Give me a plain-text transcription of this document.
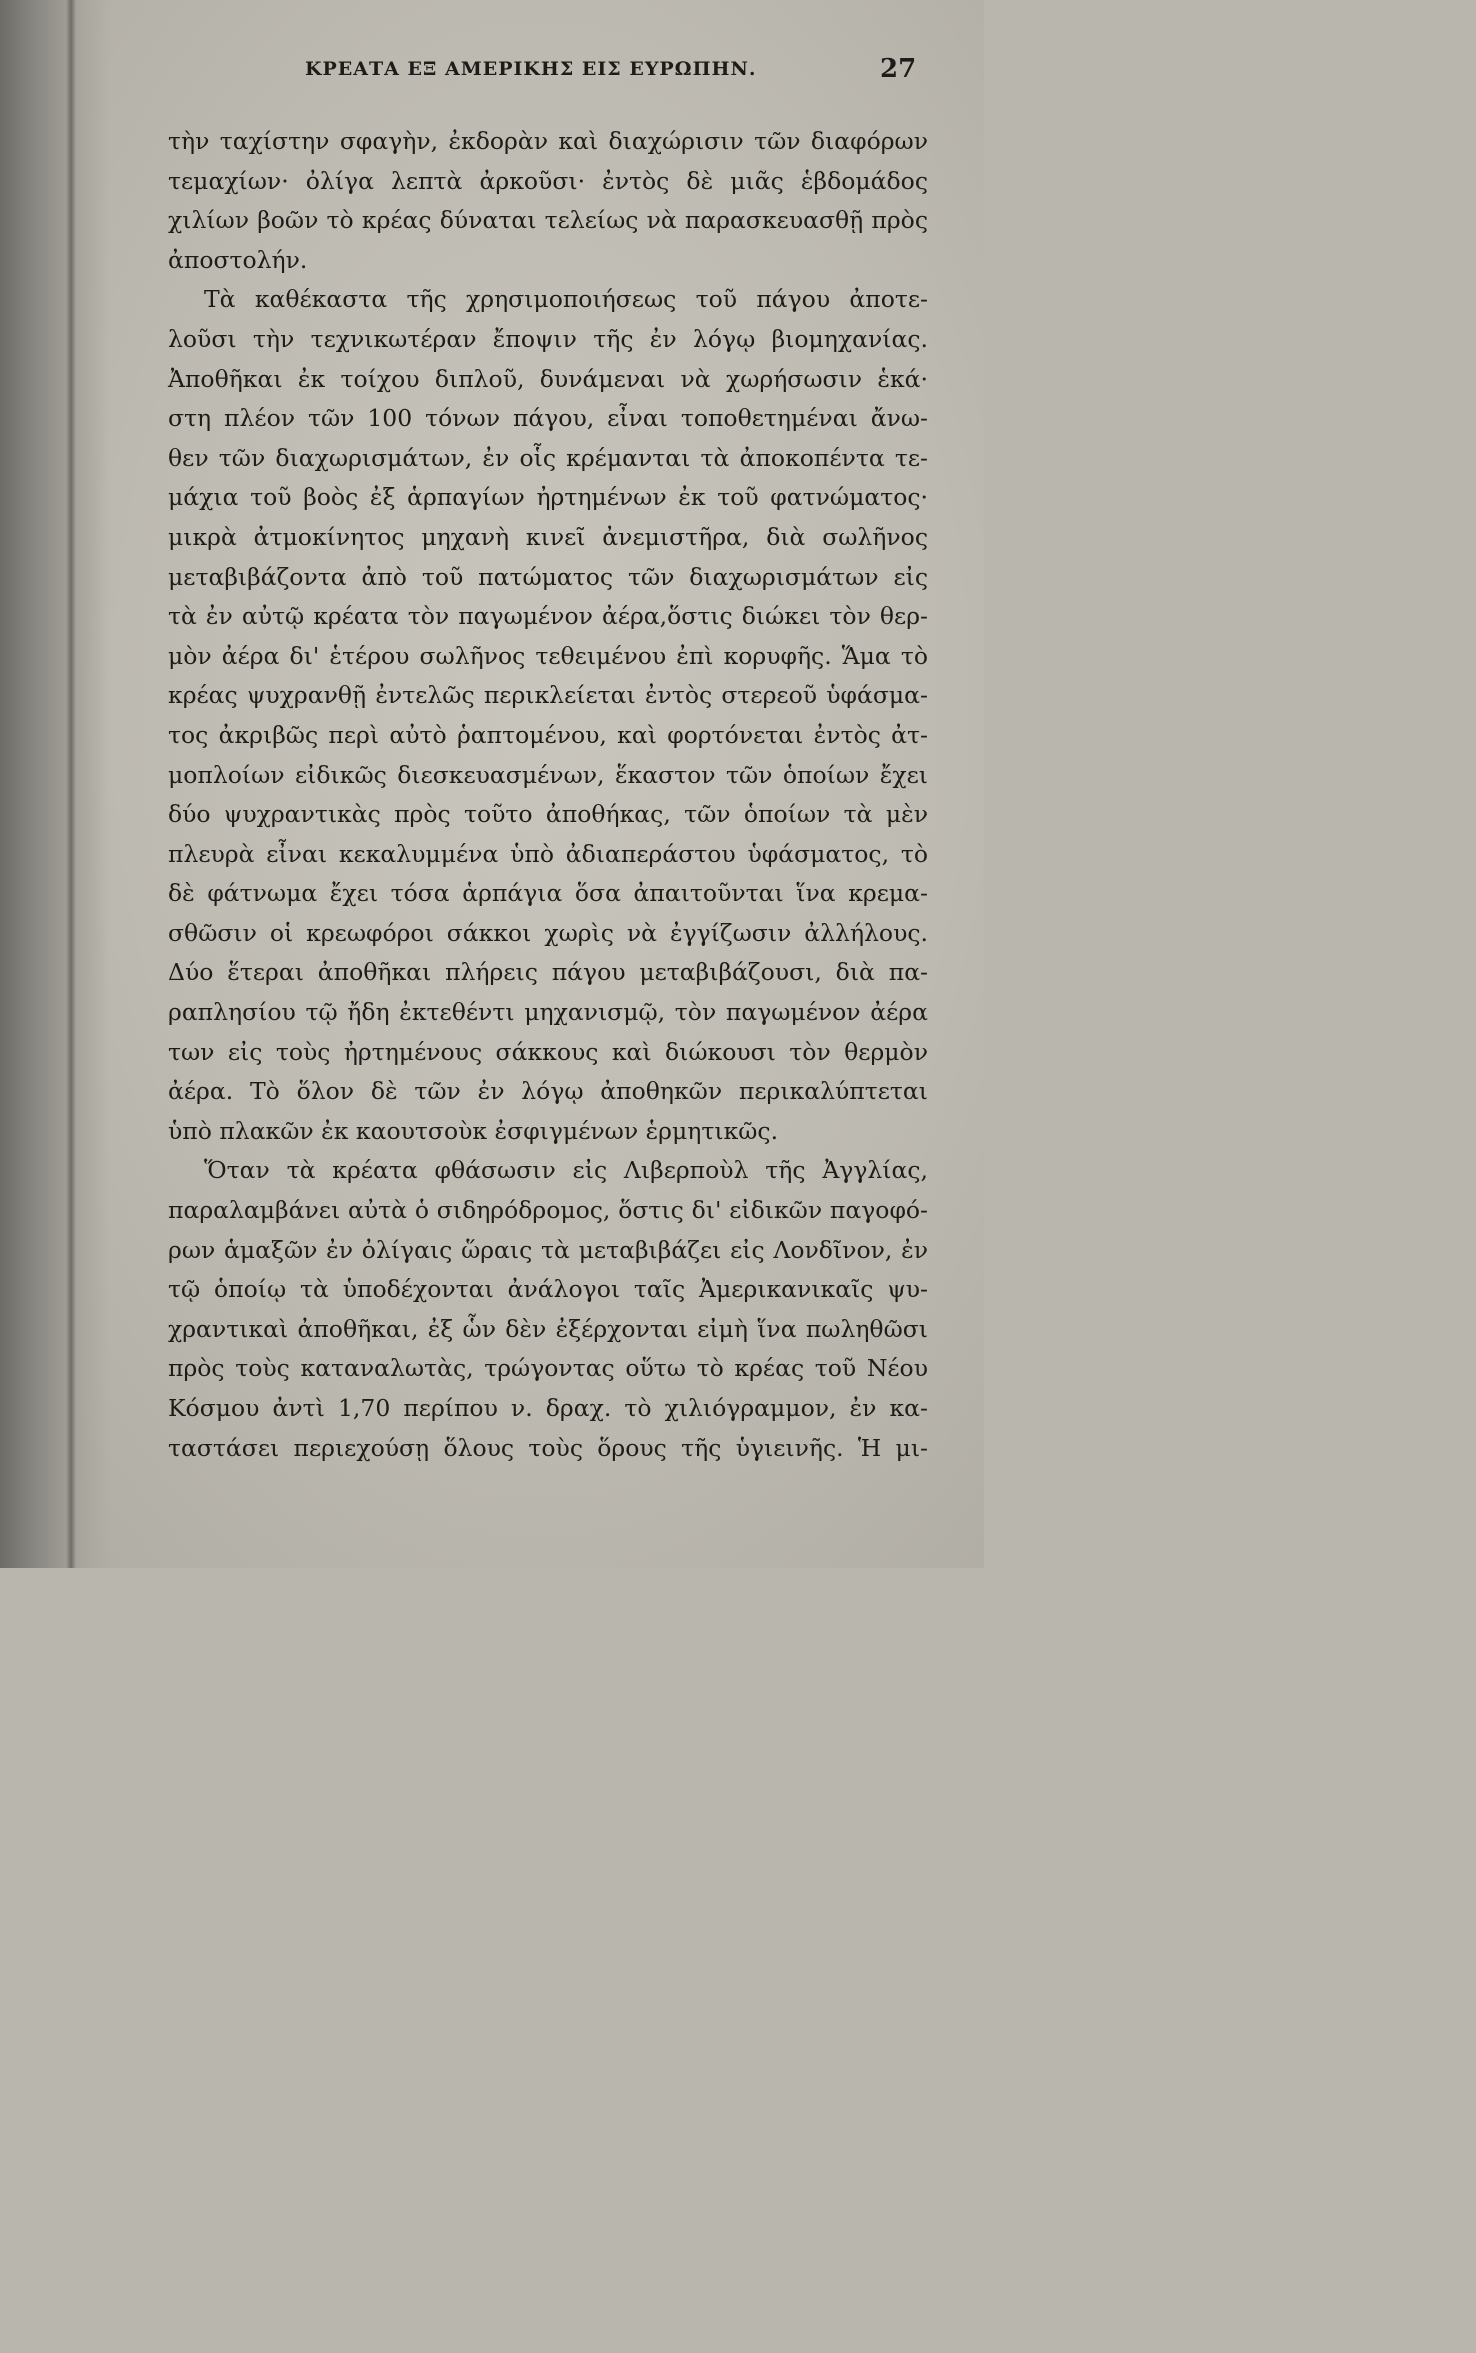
ΚΡΕΑΤΑ ΕΞ ΑΜΕΡΙΚΗΣ ΕΙΣ ΕΥΡΩΠΗΝ.	27
τὴν ταχίστην σφαγὴν, ἐκδορὰν καὶ διαχώρισιν τῶν διαφόρων
τεμαχίων· ὀλίγα λεπτὰ ἀρκοῦσι· ἐντὸς δὲ μιᾶς ἑβδομάδος
χιλίων βοῶν τὸ κρέας δύναται τελείως νὰ παρασκευασθῇ πρὸς
ἀποστολήν.
Τὰ καθέκαστα τῆς χρησιμοποιήσεως τοῦ πάγου ἀποτε-
λοῦσι τὴν τεχνικωτέραν ἔποψιν τῆς ἐν λόγῳ βιομηχανίας.
Ἀποθῆκαι ἐκ τοίχου διπλοῦ, δυνάμεναι νὰ χωρήσωσιν ἑκά·
στη πλέον τῶν 100 τόνων πάγου, εἶναι τοποθετημέναι ἄνω-
θεν τῶν διαχωρισμάτων, ἐν οἷς κρέμανται τὰ ἀποκοπέντα τε-
μάχια τοῦ βοὸς ἐξ ἁρπαγίων ἠρτημένων ἐκ τοῦ φατνώματος·
μικρὰ ἀτμοκίνητος μηχανὴ κινεῖ ἀνεμιστῆρα, διὰ σωλῆνος
μεταβιβάζοντα ἀπὸ τοῦ πατώματος τῶν διαχωρισμάτων εἰς
τὰ ἐν αὐτῷ κρέατα τὸν παγωμένον ἀέρα,ὅστις διώκει τὸν θερ-
μὸν ἀέρα δι' ἑτέρου σωλῆνος τεθειμένου ἐπὶ κορυφῆς. Ἅμα τὸ
κρέας ψυχρανθῇ ἐντελῶς περικλείεται ἐντὸς στερεοῦ ὑφάσμα-
τος ἀκριβῶς περὶ αὐτὸ ῥαπτομένου, καὶ φορτόνεται ἐντὸς ἀτ-
μοπλοίων εἰδικῶς διεσκευασμένων, ἕκαστον τῶν ὁποίων ἔχει
δύο ψυχραντικὰς πρὸς τοῦτο ἀποθήκας, τῶν ὁποίων τὰ μὲν
πλευρὰ εἶναι κεκαλυμμένα ὑπὸ ἀδιαπεράστου ὑφάσματος, τὸ
δὲ φάτνωμα ἔχει τόσα ἁρπάγια ὅσα ἀπαιτοῦνται ἵνα κρεμα-
σθῶσιν οἱ κρεωφόροι σάκκοι χωρὶς νὰ ἐγγίζωσιν ἀλλήλους.
Δύο ἕτεραι ἀποθῆκαι πλήρεις πάγου μεταβιβάζουσι, διὰ πα-
ραπλησίου τῷ ἤδη ἐκτεθέντι μηχανισμῷ, τὸν παγωμένον ἀέρα
των εἰς τοὺς ἠρτημένους σάκκους καὶ διώκουσι τὸν θερμὸν
ἀέρα. Τὸ ὅλον δὲ τῶν ἐν λόγῳ ἀποθηκῶν περικαλύπτεται
ὑπὸ πλακῶν ἐκ καουτσοὺκ ἐσφιγμένων ἑρμητικῶς.
Ὅταν τὰ κρέατα φθάσωσιν εἰς Λιβερποὺλ τῆς Ἀγγλίας,
παραλαμβάνει αὐτὰ ὁ σιδηρόδρομος, ὅστις δι' εἰδικῶν παγοφό-
ρων ἁμαξῶν ἐν ὀλίγαις ὥραις τὰ μεταβιβάζει εἰς Λονδῖνον, ἐν
τῷ ὁποίῳ τὰ ὑποδέχονται ἀνάλογοι ταῖς Ἀμερικανικαῖς ψυ-
χραντικαὶ ἀποθῆκαι, ἐξ ὧν δὲν ἐξέρχονται εἰμὴ ἵνα πωληθῶσι
πρὸς τοὺς καταναλωτὰς, τρώγοντας οὕτω τὸ κρέας τοῦ Νέου
Κόσμου ἀντὶ 1,70 περίπου ν. δραχ. τὸ χιλιόγραμμον, ἐν κα-
ταστάσει περιεχούσῃ ὅλους τοὺς ὅρους τῆς ὑγιεινῆς. Ἡ μι-
